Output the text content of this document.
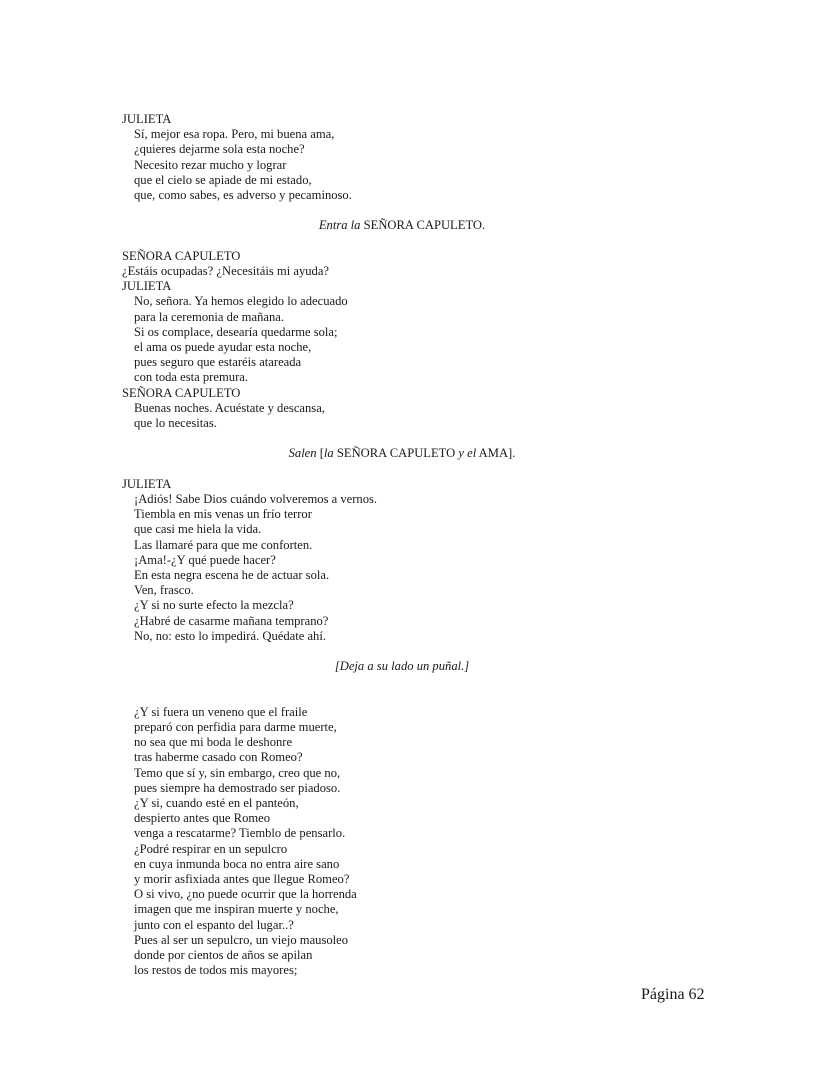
JULIETA
Sí, mejor esa ropa. Pero, mi buena ama,
¿quieres dejarme sola esta noche?
Necesito rezar mucho y lograr
que el cielo se apiade de mi estado,
que, como sabes, es adverso y pecaminoso.
Entra la SEÑORA CAPULETO.
SEÑORA CAPULETO
¿Estáis ocupadas? ¿Necesitáis mi ayuda?
JULIETA
No, señora. Ya hemos elegido lo adecuado
para la ceremonia de mañana.
Si os complace, desearía quedarme sola;
el ama os puede ayudar esta noche,
pues seguro que estaréis atareada
con toda esta premura.
SEÑORA CAPULETO
Buenas noches. Acuéstate y descansa,
que lo necesitas.
Salen [la SEÑORA CAPULETO y el AMA].
JULIETA
¡Adiós! Sabe Dios cuándo volveremos a vernos.
Tiembla en mis venas un frío terror
que casi me hiela la vida.
Las llamaré para que me conforten.
¡Ama!-¿Y qué puede hacer?
En esta negra escena he de actuar sola.
Ven, frasco.
¿Y si no surte efecto la mezcla?
¿Habré de casarme mañana temprano?
No, no: esto lo impedirá. Quédate ahí.
[Deja a su lado un puñal.]
¿Y si fuera un veneno que el fraile
preparó con perfidia para darme muerte,
no sea que mi boda le deshonre
tras haberme casado con Romeo?
Temo que sí y, sin embargo, creo que no,
pues siempre ha demostrado ser piadoso.
¿Y si, cuando esté en el panteón,
despierto antes que Romeo
venga a rescatarme? Tiemblo de pensarlo.
¿Podré respirar en un sepulcro
en cuya inmunda boca no entra aire sano
y morir asfixiada antes que llegue Romeo?
O si vivo, ¿no puede ocurrir que la horrenda
imagen que me inspiran muerte y noche,
junto con el espanto del lugar..?
Pues al ser un sepulcro, un viejo mausoleo
donde por cientos de años se apilan
los restos de todos mis mayores;
Página 62
